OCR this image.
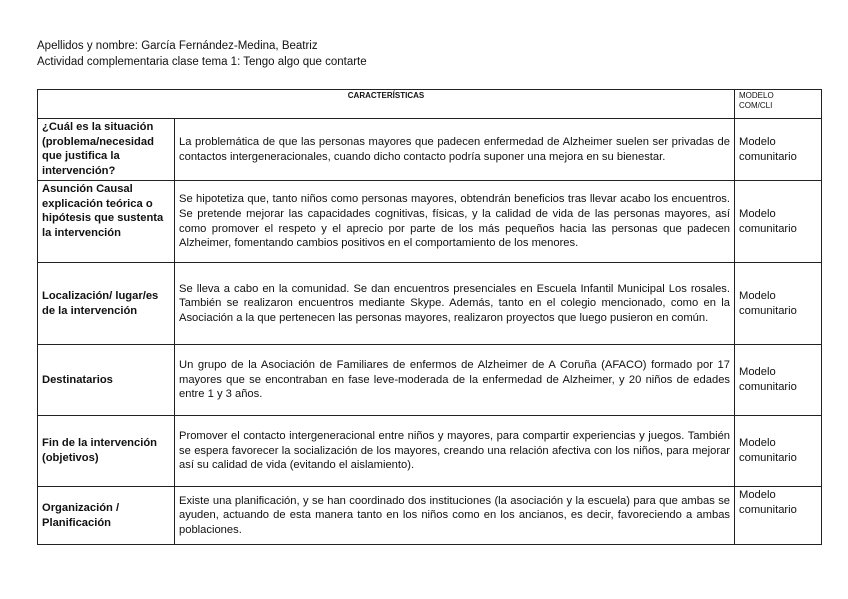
Apellidos y nombre: García Fernández-Medina, Beatriz
Actividad complementaria clase tema 1: Tengo algo que contarte
CARACTERÍSTICAS		MODELO
COM/CLI

¿Cuál es la situación (problema/necesidad que justifica la intervención?	La problemática de que las personas mayores que padecen enfermedad de Alzheimer suelen ser privadas de contactos intergeneracionales, cuando dicho contacto podría suponer una mejora en su bienestar.	Modelo comunitario
Asunción Causal explicación teórica o hipótesis que sustenta la intervención	Se hipotetiza que, tanto niños como personas mayores, obtendrán beneficios tras llevar acabo los encuentros. Se pretende mejorar las capacidades cognitivas, físicas, y la calidad de vida de las personas mayores, así como promover el respeto y el aprecio por parte de los más pequeños hacia las personas que padecen Alzheimer, fomentando cambios positivos en el comportamiento de los menores.	Modelo comunitario
Localización/ lugar/es de la intervención	Se lleva a cabo en la comunidad. Se dan encuentros presenciales en Escuela Infantil Municipal Los rosales. También se realizaron encuentros mediante Skype. Además, tanto en el colegio mencionado, como en la Asociación a la que pertenecen las personas mayores, realizaron proyectos que luego pusieron en común.	Modelo comunitario
Destinatarios	Un grupo de la Asociación de Familiares de enfermos de Alzheimer de A Coruña (AFACO) formado por 17 mayores que se encontraban en fase leve-moderada de la enfermedad de Alzheimer, y 20 niños de edades entre 1 y 3 años.	Modelo comunitario
Fin de la intervención (objetivos)	Promover el contacto intergeneracional entre niños y mayores, para compartir experiencias y juegos. También se espera favorecer la socialización de los mayores, creando una relación afectiva con los niños, para mejorar así su calidad de vida (evitando el aislamiento).	Modelo comunitario
Organización / Planificación	Existe una planificación, y se han coordinado dos instituciones (la asociación y la escuela) para que ambas se ayuden, actuando de esta manera tanto en los niños como en los ancianos, es decir, favoreciendo a ambas poblaciones.	Modelo comunitario
